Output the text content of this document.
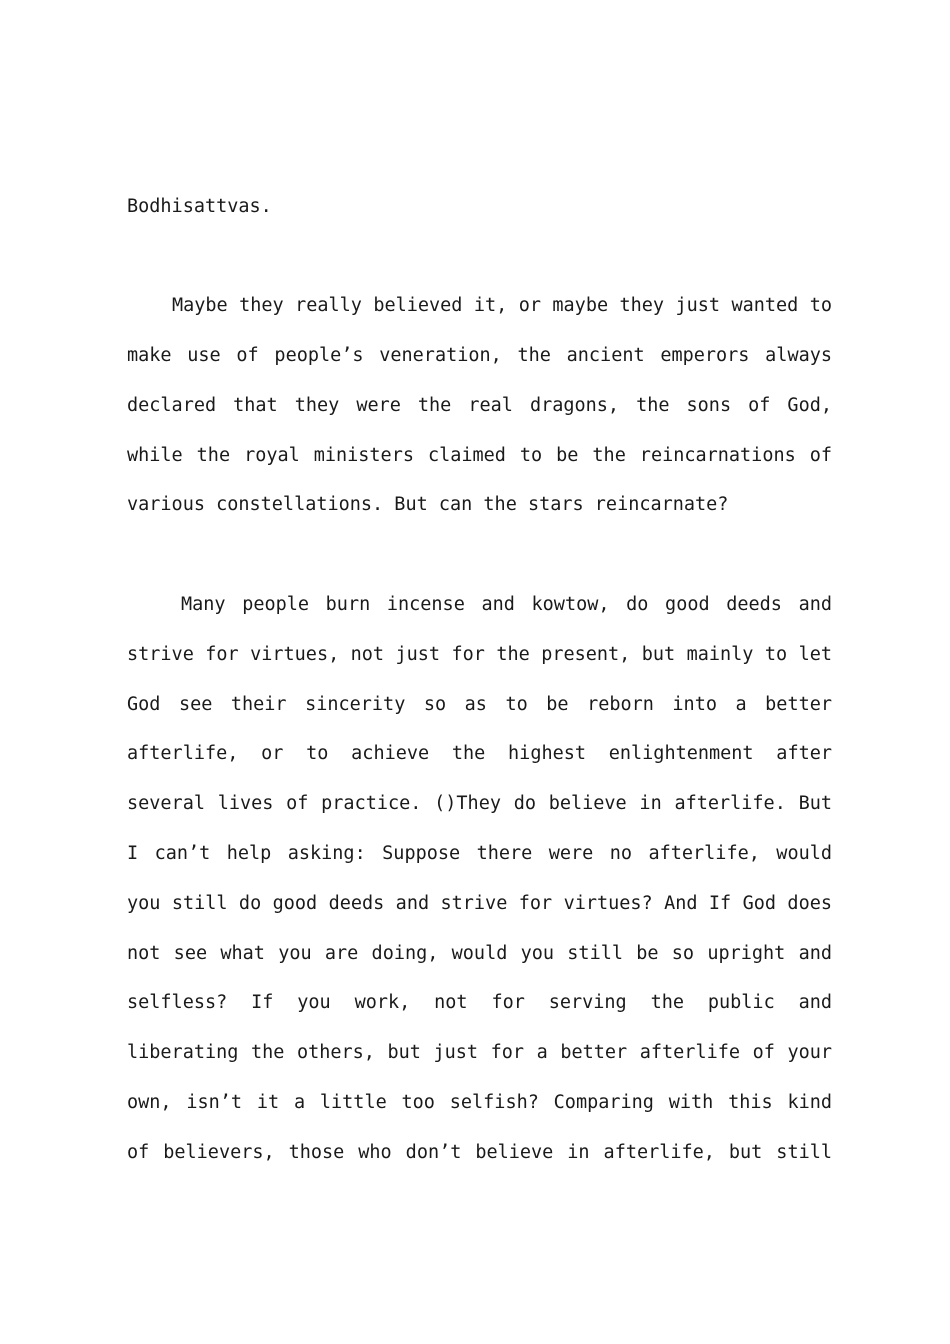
Bodhisattvas.
Maybe they really believed it, or maybe they just wanted to
make use of people’s veneration, the ancient emperors always
declared that they were the real dragons, the sons of God,
while the royal ministers claimed to be the reincarnations of
various constellations. But can the stars reincarnate?
Many people burn incense and kowtow, do good deeds and
strive for virtues, not just for the present, but mainly to let
God see their sincerity so as to be reborn into a better
afterlife, or to achieve the highest enlightenment after
several lives of practice. ()They do believe in afterlife. But
I can’t help asking: Suppose there were no afterlife, would
you still do good deeds and strive for virtues? And If God does
not see what you are doing, would you still be so upright and
selfless? If you work, not for serving the public and
liberating the others, but just for a better afterlife of your
own, isn’t it a little too selfish? Comparing with this kind
of believers, those who don’t believe in afterlife, but still
